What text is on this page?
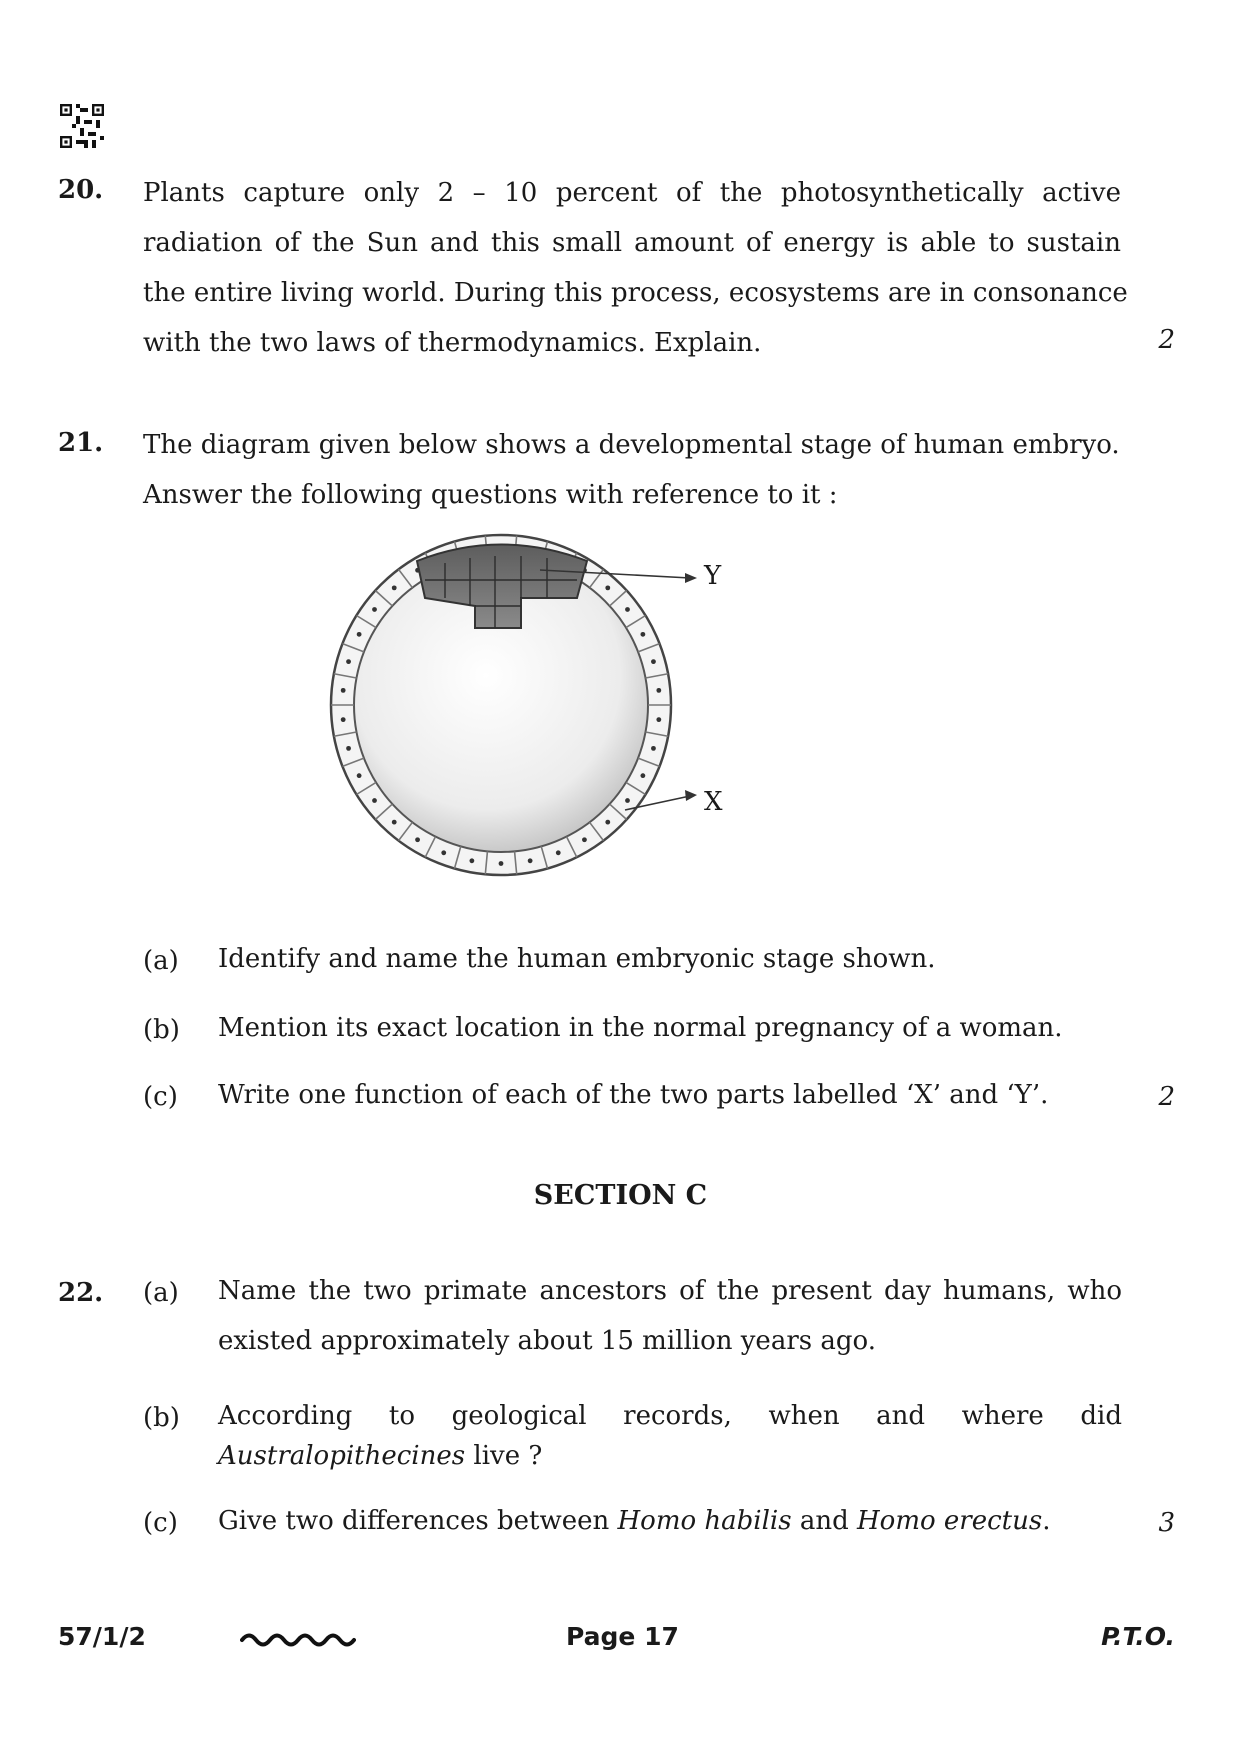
20. Plants capture only 2 – 10 percent of the photosynthetically active
radiation of the Sun and this small amount of energy is able to sustain
the entire living world. During this process, ecosystems are in consonance
with the two laws of thermodynamics. Explain.	2
21. The diagram given below shows a developmental stage of human embryo.
Answer the following questions with reference to it :
Y
X
(a) Identify and name the human embryonic stage shown.
(b) Mention its exact location in the normal pregnancy of a woman.
(c) Write one function of each of the two parts labelled ‘X’ and ‘Y’.	2
SECTION C
22. (a) Name the two primate ancestors of the present day humans, who
existed approximately about 15 million years ago.
(b) According to geological records, when and where did
Australopithecines live ?
(c) Give two differences between Homo habilis and Homo erectus.	3
57/1/2	Page 17	P.T.O.
